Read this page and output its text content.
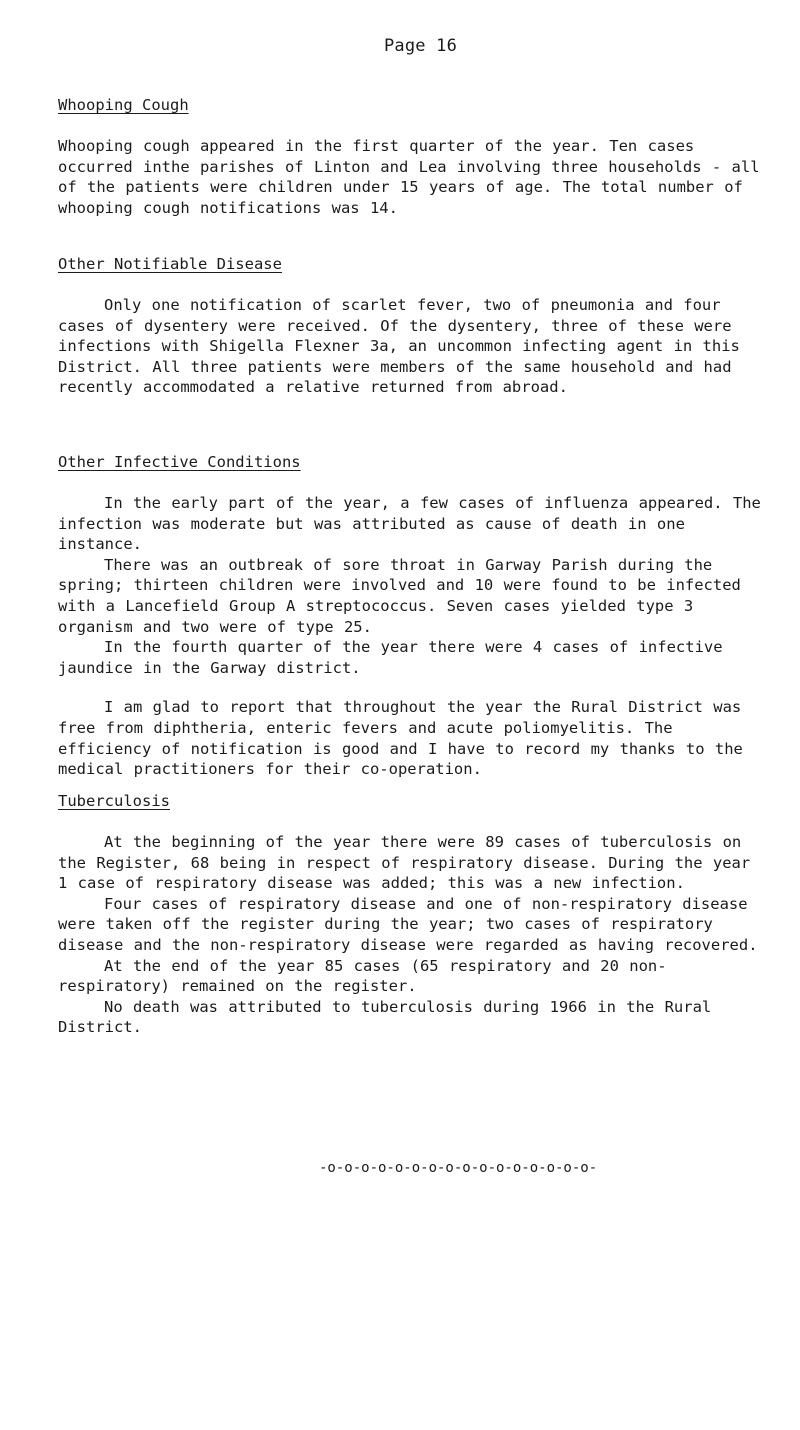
Page 16
Whooping Cough

Whooping cough appeared in the first quarter of the year. Ten cases occurred inthe parishes of Linton and Lea involving three households - all of the patients were children under 15 years of age. The total number of whooping cough notifications was 14.

Other Notifiable Disease

Only one notification of scarlet fever, two of pneumonia and four cases of dysentery were received. Of the dysentery, three of these were infections with Shigella Flexner 3a, an uncommon infecting agent in this District. All three patients were members of the same household and had recently accommodated a relative returned from abroad.

Other Infective Conditions

In the early part of the year, a few cases of influenza appeared. The infection was moderate but was attributed as cause of death in one instance.

There was an outbreak of sore throat in Garway Parish during the spring; thirteen children were involved and 10 were found to be infected with a Lancefield Group A streptococcus. Seven cases yielded type 3 organism and two were of type 25.

In the fourth quarter of the year there were 4 cases of infective jaundice in the Garway district.

I am glad to report that throughout the year the Rural District was free from diphtheria, enteric fevers and acute poliomyelitis. The efficiency of notification is good and I have to record my thanks to the medical practitioners for their co-operation.

Tuberculosis

At the beginning of the year there were 89 cases of tuberculosis on the Register, 68 being in respect of respiratory disease. During the year 1 case of respiratory disease was added; this was a new infection.

Four cases of respiratory disease and one of non-respiratory disease were taken off the register during the year; two cases of respiratory disease and the non-respiratory disease were regarded as having recovered.

At the end of the year 85 cases (65 respiratory and 20 non-respiratory) remained on the register.

No death was attributed to tuberculosis during 1966 in the Rural District.

-o-o-o-o-o-o-o-o-o-o-o-o-o-o-o-o-
